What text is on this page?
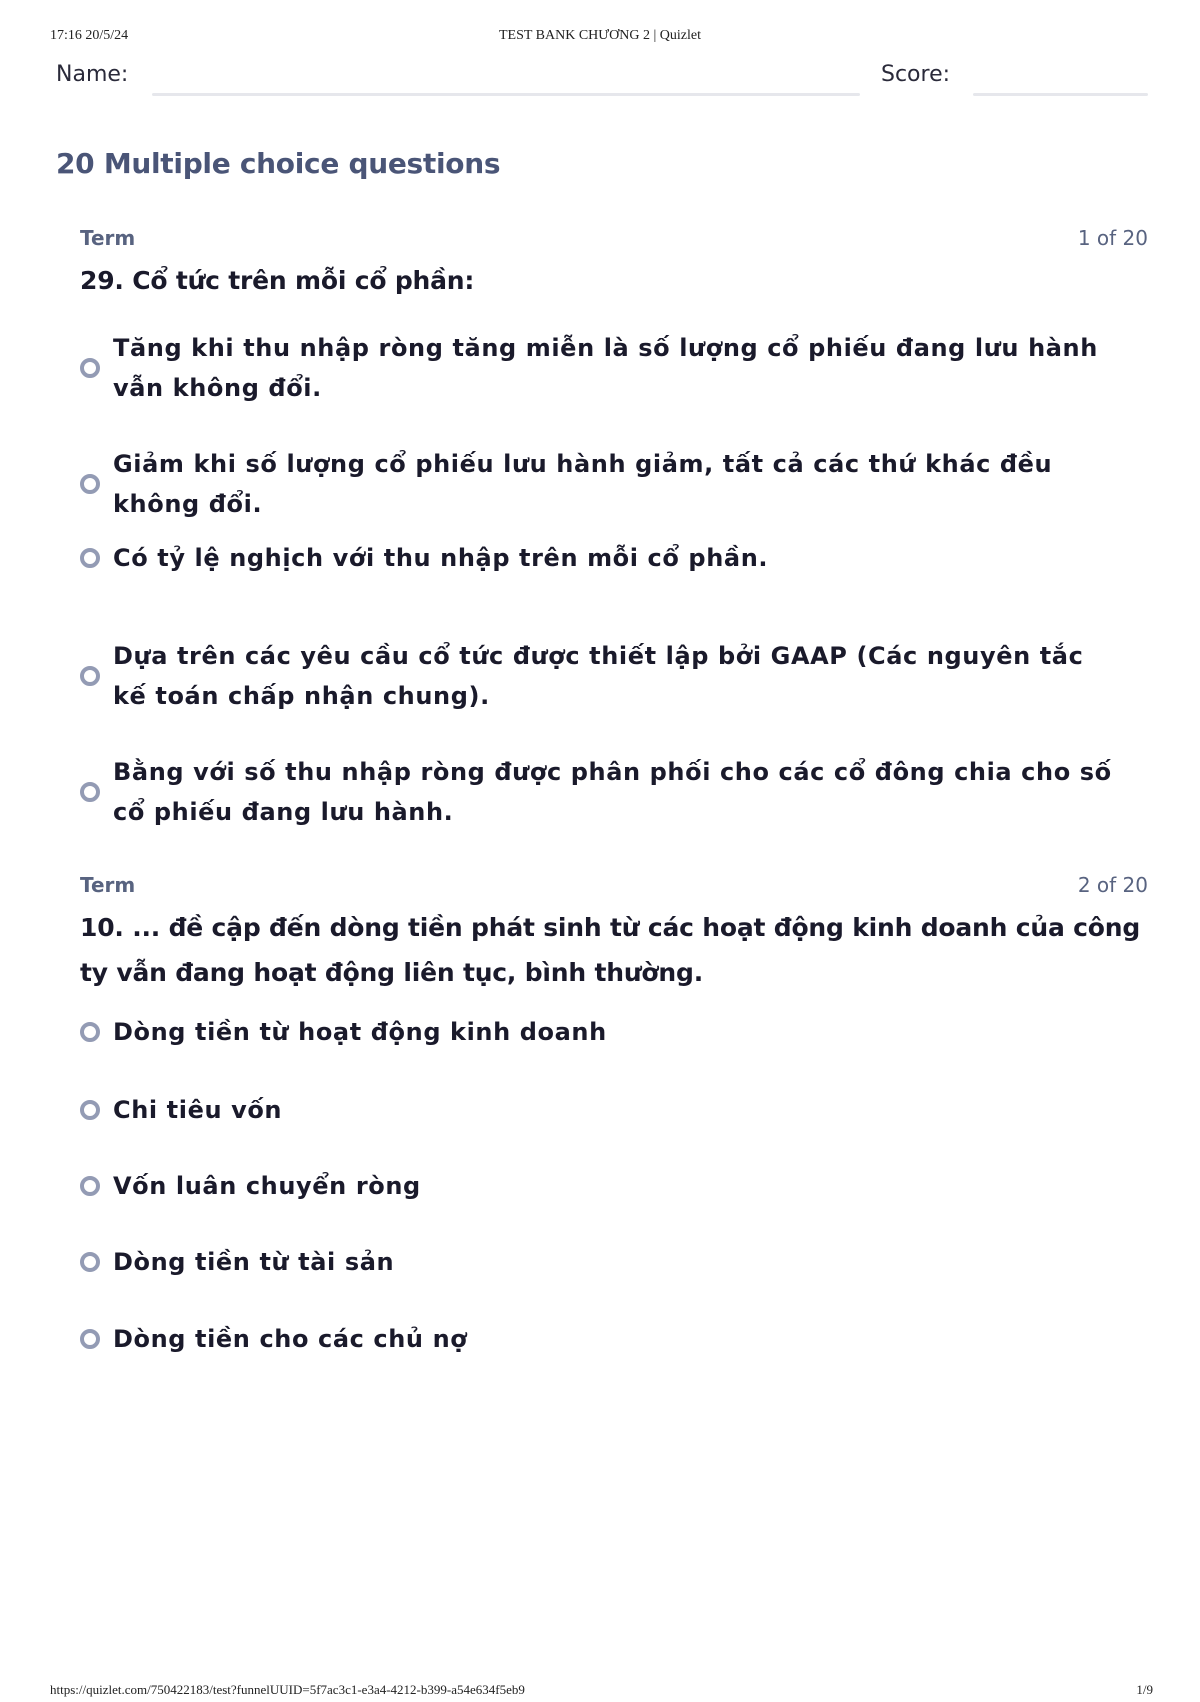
17:16 20/5/24	TEST BANK CHƯƠNG 2 | Quizlet
Name:	Score:
20 Multiple choice questions
Term	1 of 20
29. Cổ tức trên mỗi cổ phần:
Tăng khi thu nhập ròng tăng miễn là số lượng cổ phiếu đang lưu hành vẫn không đổi.
Giảm khi số lượng cổ phiếu lưu hành giảm, tất cả các thứ khác đều không đổi.
Có tỷ lệ nghịch với thu nhập trên mỗi cổ phần.
Dựa trên các yêu cầu cổ tức được thiết lập bởi GAAP (Các nguyên tắc kế toán chấp nhận chung).
Bằng với số thu nhập ròng được phân phối cho các cổ đông chia cho số cổ phiếu đang lưu hành.
Term	2 of 20
10. ... đề cập đến dòng tiền phát sinh từ các hoạt động kinh doanh của công ty vẫn đang hoạt động liên tục, bình thường.
Dòng tiền từ hoạt động kinh doanh
Chi tiêu vốn
Vốn luân chuyển ròng
Dòng tiền từ tài sản
Dòng tiền cho các chủ nợ
https://quizlet.com/750422183/test?funnelUUID=5f7ac3c1-e3a4-4212-b399-a54e634f5eb9	1/9
